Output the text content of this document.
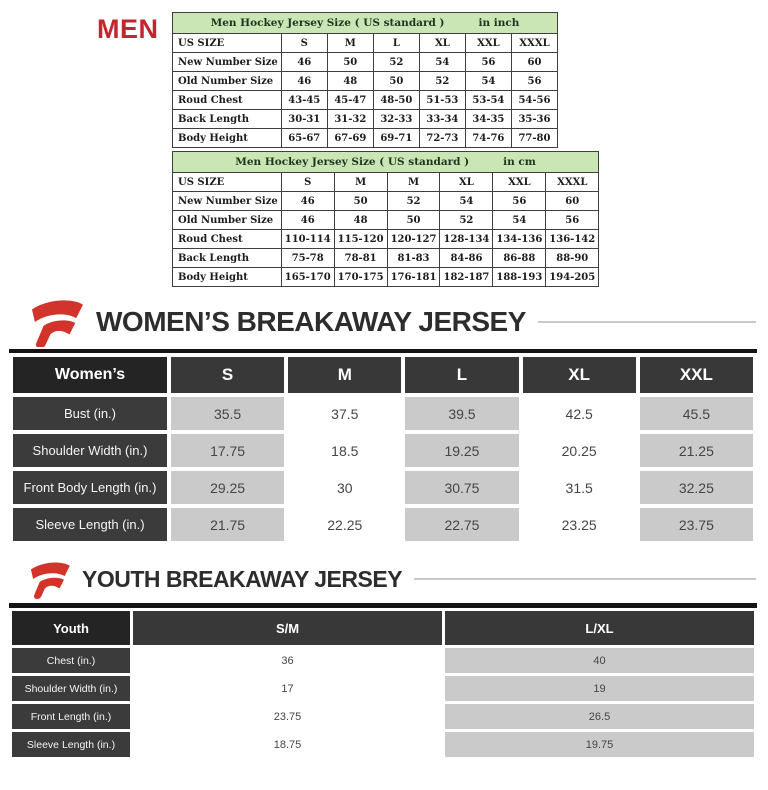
MEN	Men Hockey Jersey Size ( US standard ) in inch						
US SIZE	S	M	L	XL	XXL	XXXL
New Number Size	46	50	52	54	56	60
Old Number Size	46	48	50	52	54	56
Roud Chest	43-45	45-47	48-50	51-53	53-54	54-56
Back Length	30-31	31-32	32-33	33-34	34-35	35-36
Body Height	65-67	67-69	69-71	72-73	74-76	77-80
Men Hockey Jersey Size ( US standard ) in cm						
US SIZE	S	M	M	XL	XXL	XXXL
New Number Size	46	50	52	54	56	60
Old Number Size	46	48	50	52	54	56
Roud Chest	110-114	115-120	120-127	128-134	134-136	136-142
Back Length	75-78	78-81	81-83	84-86	86-88	88-90
Body Height	165-170	170-175	176-181	182-187	188-193	194-205
WOMEN’S BREAKAWAY JERSEY
Women’s	S	M	L	XL	XXL
Bust (in.)	35.5	37.5	39.5	42.5	45.5
Shoulder Width (in.)	17.75	18.5	19.25	20.25	21.25
Front Body Length (in.)	29.25	30	30.75	31.5	32.25
Sleeve Length (in.)	21.75	22.25	22.75	23.25	23.75
YOUTH BREAKAWAY JERSEY
Youth	S/M	L/XL
Chest (in.)	36	40
Shoulder Width (in.)	17	19
Front Length (in.)	23.75	26.5
Sleeve Length (in.)	18.75	19.75
